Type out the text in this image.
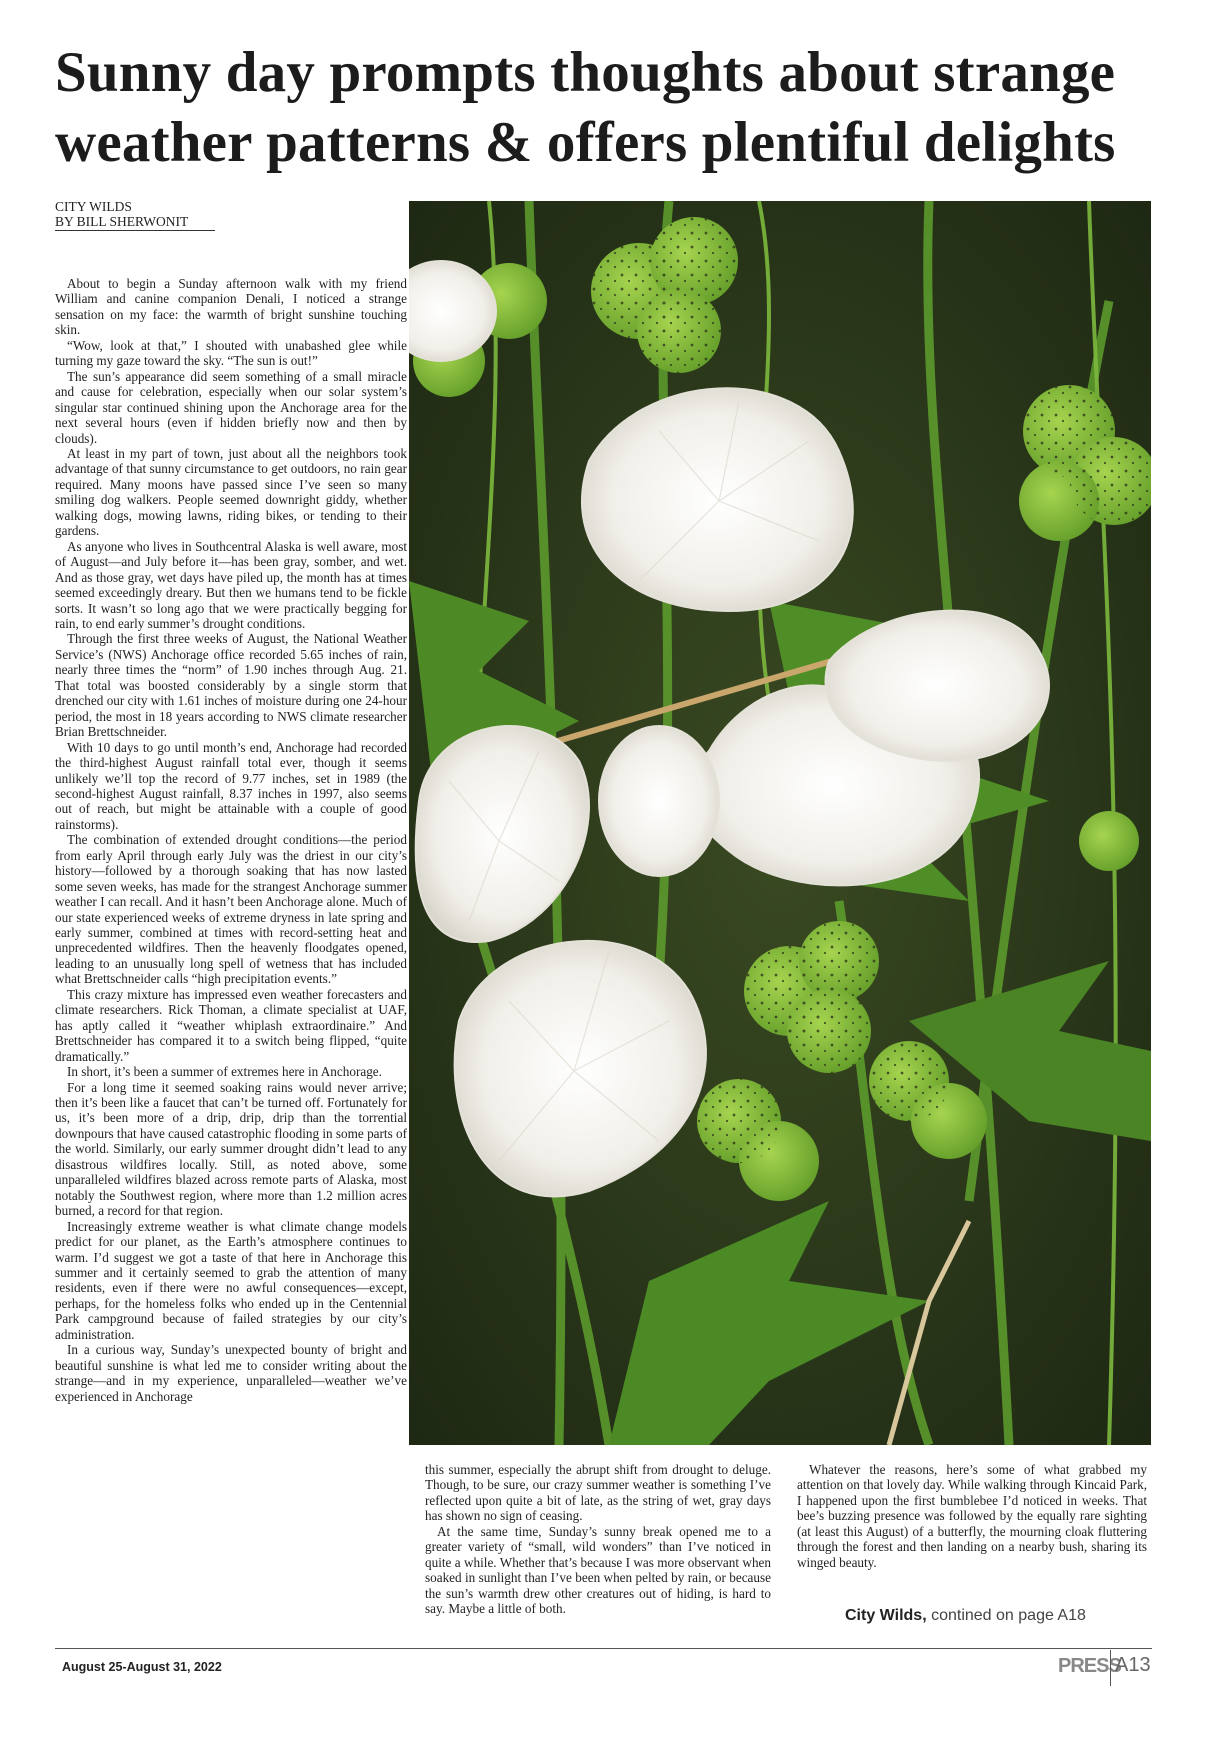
Sunny day prompts thoughts about strange
weather patterns & offers plentiful delights
CITY WILDS
BY BILL SHERWONIT

About to begin a Sunday afternoon walk with my friend William and canine companion Denali, I noticed a strange sensation on my face: the warmth of bright sunshine touching skin.

“Wow, look at that,” I shouted with unabashed glee while turning my gaze toward the sky. “The sun is out!”

The sun’s appearance did seem something of a small miracle and cause for celebration, especially when our solar system’s singular star continued shining upon the Anchorage area for the next several hours (even if hidden briefly now and then by clouds).

At least in my part of town, just about all the neighbors took advantage of that sunny circumstance to get outdoors, no rain gear required. Many moons have passed since I’ve seen so many smiling dog walkers. People seemed downright giddy, whether walking dogs, mowing lawns, riding bikes, or tending to their gardens.

As anyone who lives in Southcentral Alaska is well aware, most of August—and July before it—has been gray, somber, and wet. And as those gray, wet days have piled up, the month has at times seemed exceedingly dreary. But then we humans tend to be fickle sorts. It wasn’t so long ago that we were practically begging for rain, to end early summer’s drought conditions.

Through the first three weeks of August, the National Weather Service’s (NWS) Anchorage office recorded 5.65 inches of rain, nearly three times the “norm” of 1.90 inches through Aug. 21. That total was boosted considerably by a single storm that drenched our city with 1.61 inches of moisture during one 24-hour period, the most in 18 years according to NWS climate researcher Brian Brettschneider.

With 10 days to go until month’s end, Anchorage had recorded the third-highest August rainfall total ever, though it seems unlikely we’ll top the record of 9.77 inches, set in 1989 (the second-highest August rainfall, 8.37 inches in 1997, also seems out of reach, but might be attainable with a couple of good rainstorms).

The combination of extended drought conditions—the period from early April through early July was the driest in our city’s history—followed by a thorough soaking that has now lasted some seven weeks, has made for the strangest Anchorage summer weather I can recall. And it hasn’t been Anchorage alone. Much of our state experienced weeks of extreme dryness in late spring and early summer, combined at times with record-setting heat and unprecedented wildfires. Then the heavenly floodgates opened, leading to an unusually long spell of wetness that has included what Brettschneider calls “high precipitation events.”

This crazy mixture has impressed even weather forecasters and climate researchers. Rick Thoman, a climate specialist at UAF, has aptly called it “weather whiplash extraordinaire.” And Brettschneider has compared it to a switch being flipped, “quite dramatically.”

In short, it’s been a summer of extremes here in Anchorage.

For a long time it seemed soaking rains would never arrive; then it’s been like a faucet that can’t be turned off. Fortunately for us, it’s been more of a drip, drip, drip than the torrential downpours that have caused catastrophic flooding in some parts of the world. Similarly, our early summer drought didn’t lead to any disastrous wildfires locally. Still, as noted above, some unparalleled wildfires blazed across remote parts of Alaska, most notably the Southwest region, where more than 1.2 million acres burned, a record for that region.

Increasingly extreme weather is what climate change models predict for our planet, as the Earth’s atmosphere continues to warm. I’d suggest we got a taste of that here in Anchorage this summer and it certainly seemed to grab the attention of many residents, even if there were no awful consequences—except, perhaps, for the homeless folks who ended up in the Centennial Park campground because of failed strategies by our city’s administration.

In a curious way, Sunday’s unexpected bounty of bright and beautiful sunshine is what led me to consider writing about the strange—and in my experience, unparalleled—weather we’ve experienced in Anchorage

this summer, especially the abrupt shift from drought to deluge. Though, to be sure, our crazy summer weather is something I’ve reflected upon quite a bit of late, as the string of wet, gray days has shown no sign of ceasing.

At the same time, Sunday’s sunny break opened me to a greater variety of “small, wild wonders” than I’ve noticed in quite a while. Whether that’s because I was more observant when soaked in sunlight than I’ve been when pelted by rain, or because the sun’s warmth drew other creatures out of hiding, is hard to say. Maybe a little of both.

Whatever the reasons, here’s some of what grabbed my attention on that lovely day. While walking through Kincaid Park, I happened upon the first bumblebee I’d noticed in weeks. That bee’s buzzing presence was followed by the equally rare sighting (at least this August) of a butterfly, the mourning cloak fluttering through the forest and then landing on a nearby bush, sharing its winged beauty.

City Wilds, contined on page A18
August 25-August 31, 2022	PRESS
A13
